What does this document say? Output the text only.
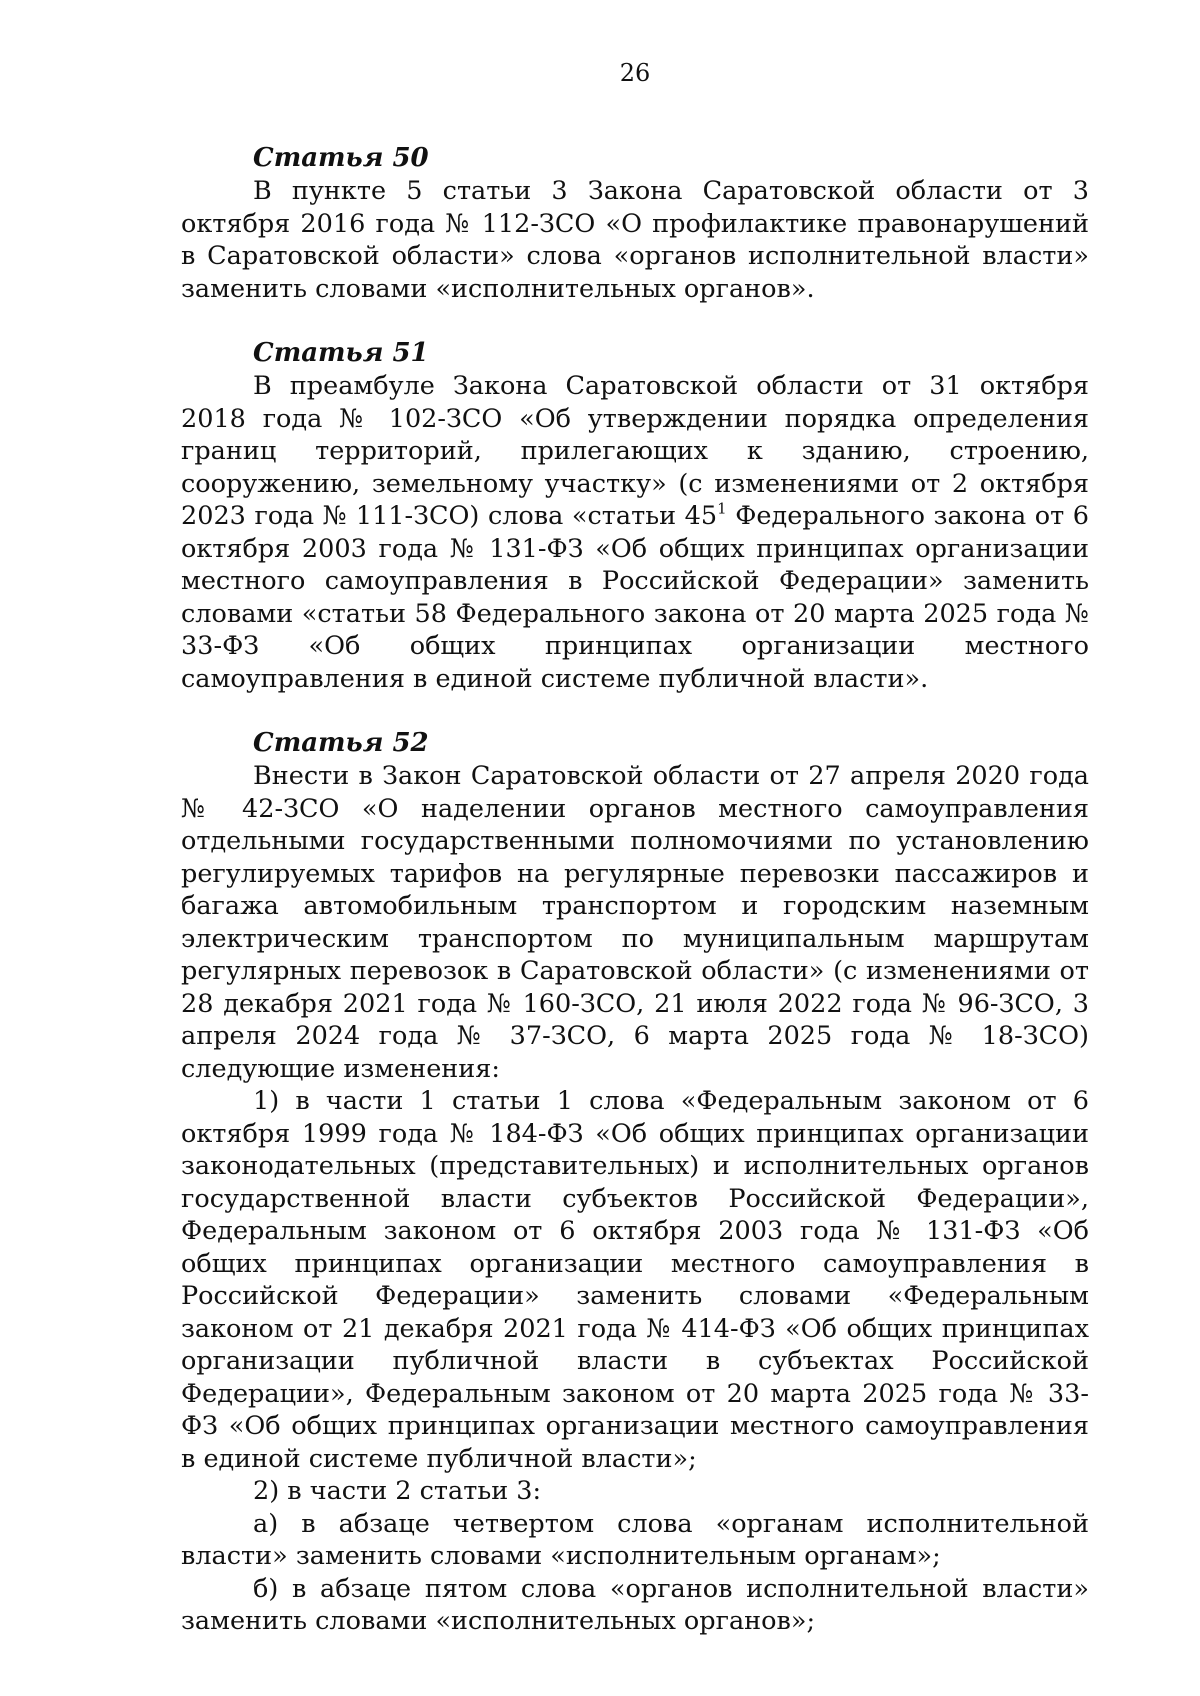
26

Статья 50

В пункте 5 статьи 3 Закона Саратовской области от 3 октября 2016 года № 112-ЗСО «О профилактике правонарушений в Саратовской области» слова «органов исполнительной власти» заменить словами «исполнительных органов».

Статья 51

В преамбуле Закона Саратовской области от 31 октября 2018 года № 102-ЗСО «Об утверждении порядка определения границ территорий, прилегающих к зданию, строению, сооружению, земельному участку» (с изменениями от 2 октября 2023 года № 111-ЗСО) слова «статьи $45^1$ Федерального закона от 6 октября 2003 года № 131-ФЗ «Об общих принципах организации местного самоуправления в Российской Федерации» заменить словами «статьи 58 Федерального закона от 20 марта 2025 года № 33-ФЗ «Об общих принципах организации местного самоуправления в единой системе публичной власти».

Статья 52

Внести в Закон Саратовской области от 27 апреля 2020 года № 42-ЗСО «О наделении органов местного самоуправления отдельными государственными полномочиями по установлению регулируемых тарифов на регулярные перевозки пассажиров и багажа автомобильным транспортом и городским наземным электрическим транспортом по муниципальным маршрутам регулярных перевозок в Саратовской области» (с изменениями от 28 декабря 2021 года № 160-ЗСО, 21 июля 2022 года № 96-ЗСО, 3 апреля 2024 года № 37-ЗСО, 6 марта 2025 года № 18-ЗСО) следующие изменения:

1) в части 1 статьи 1 слова «Федеральным законом от 6 октября 1999 года № 184-ФЗ «Об общих принципах организации законодательных (представительных) и исполнительных органов государственной власти субъектов Российской Федерации», Федеральным законом от 6 октября 2003 года № 131-ФЗ «Об общих принципах организации местного самоуправления в Российской Федерации» заменить словами «Федеральным законом от 21 декабря 2021 года № 414-ФЗ «Об общих принципах организации публичной власти в субъектах Российской Федерации», Федеральным законом от 20 марта 2025 года № 33-ФЗ «Об общих принципах организации местного самоуправления в единой системе публичной власти»;

2) в части 2 статьи 3:

а) в абзаце четвертом слова «органам исполнительной власти» заменить словами «исполнительным органам»;

б) в абзаце пятом слова «органов исполнительной власти» заменить словами «исполнительных органов»;
